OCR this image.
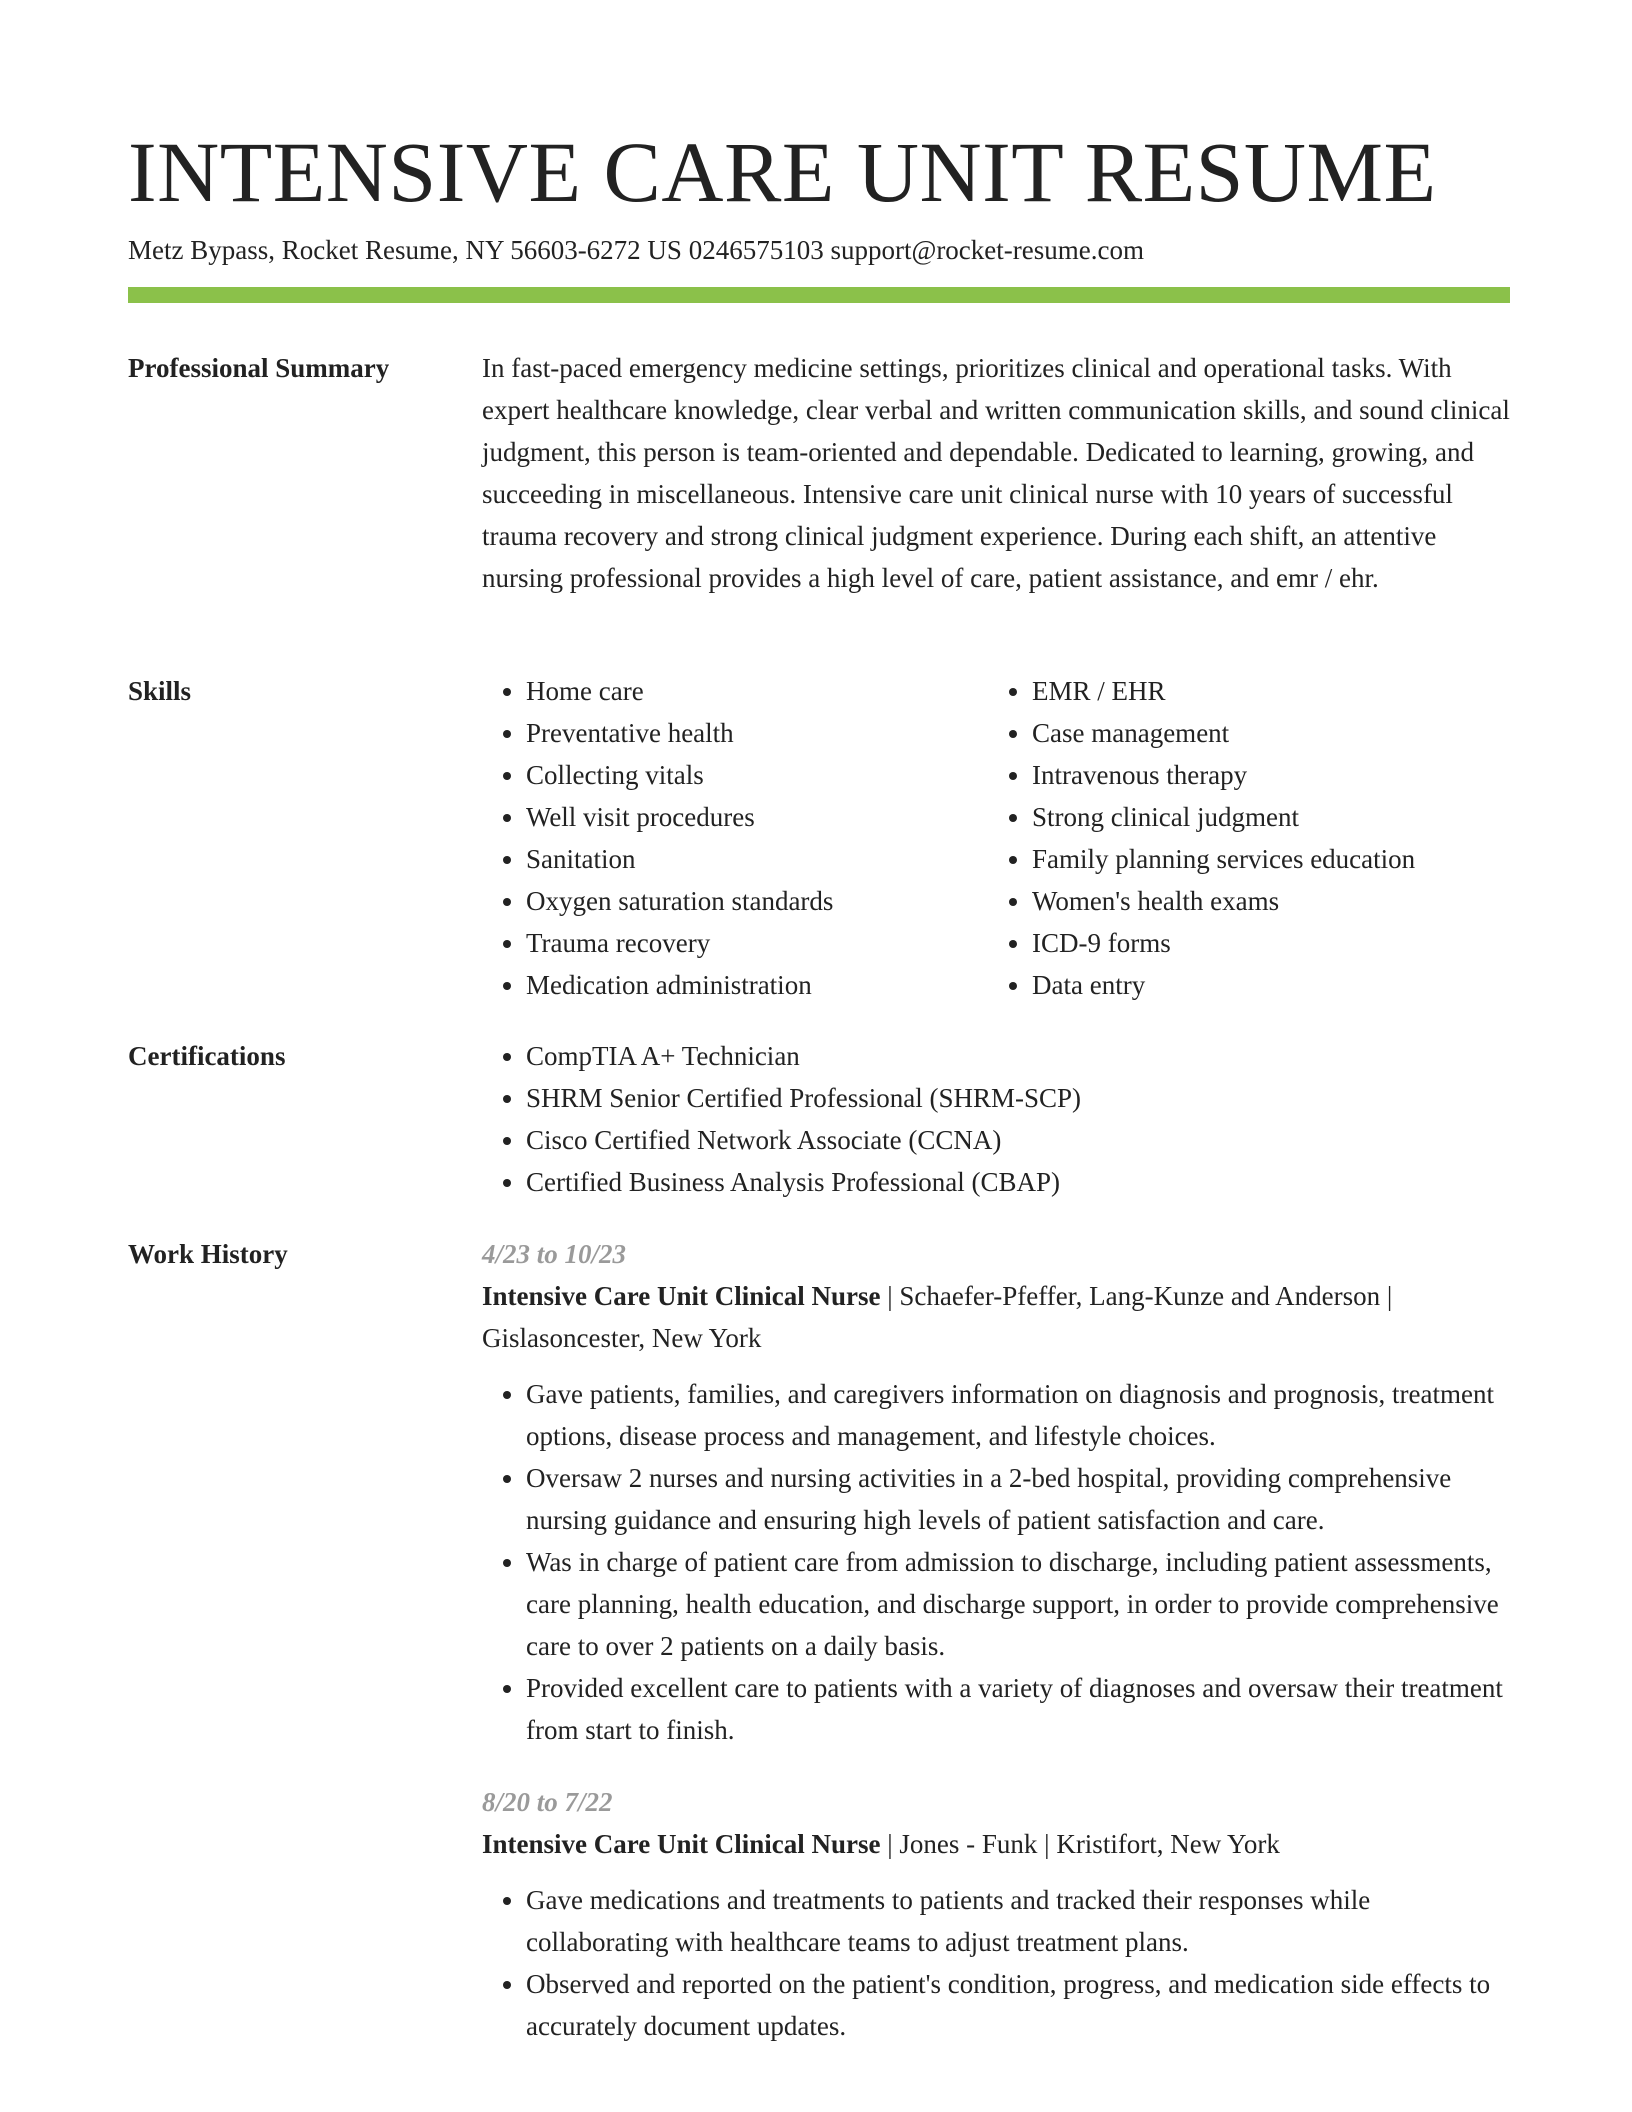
INTENSIVE CARE UNIT RESUME
Metz Bypass, Rocket Resume, NY 56603-6272 US 0246575103 support@rocket-resume.com
Professional Summary	In fast-paced emergency medicine settings, prioritizes clinical and operational tasks. With expert healthcare knowledge, clear verbal and written communication skills, and sound clinical judgment, this person is team-oriented and dependable. Dedicated to learning, growing, and succeeding in miscellaneous. Intensive care unit clinical nurse with 10 years of successful trauma recovery and strong clinical judgment experience. During each shift, an attentive nursing professional provides a high level of care, patient assistance, and emr / ehr.

Skills	• Home care
• Preventative health
• Collecting vitals
• Well visit procedures
• Sanitation
• Oxygen saturation standards
• Trauma recovery
• Medication administration
• EMR / EHR
• Case management
• Intravenous therapy
• Strong clinical judgment
• Family planning services education
• Women's health exams
• ICD-9 forms
• Data entry
Certifications	• CompTIA A+ Technician
• SHRM Senior Certified Professional (SHRM-SCP)
• Cisco Certified Network Associate (CCNA)
• Certified Business Analysis Professional (CBAP)
Work History	4/23 to 10/23
Intensive Care Unit Clinical Nurse | Schaefer-Pfeffer, Lang-Kunze and Anderson | Gislasoncester, New York
• Gave patients, families, and caregivers information on diagnosis and prognosis, treatment options, disease process and management, and lifestyle choices.
• Oversaw 2 nurses and nursing activities in a 2-bed hospital, providing comprehensive nursing guidance and ensuring high levels of patient satisfaction and care.
• Was in charge of patient care from admission to discharge, including patient assessments, care planning, health education, and discharge support, in order to provide comprehensive care to over 2 patients on a daily basis.
• Provided excellent care to patients with a variety of diagnoses and oversaw their treatment from start to finish.
8/20 to 7/22
Intensive Care Unit Clinical Nurse | Jones - Funk | Kristifort, New York
• Gave medications and treatments to patients and tracked their responses while collaborating with healthcare teams to adjust treatment plans.
• Observed and reported on the patient's condition, progress, and medication side effects to accurately document updates.
